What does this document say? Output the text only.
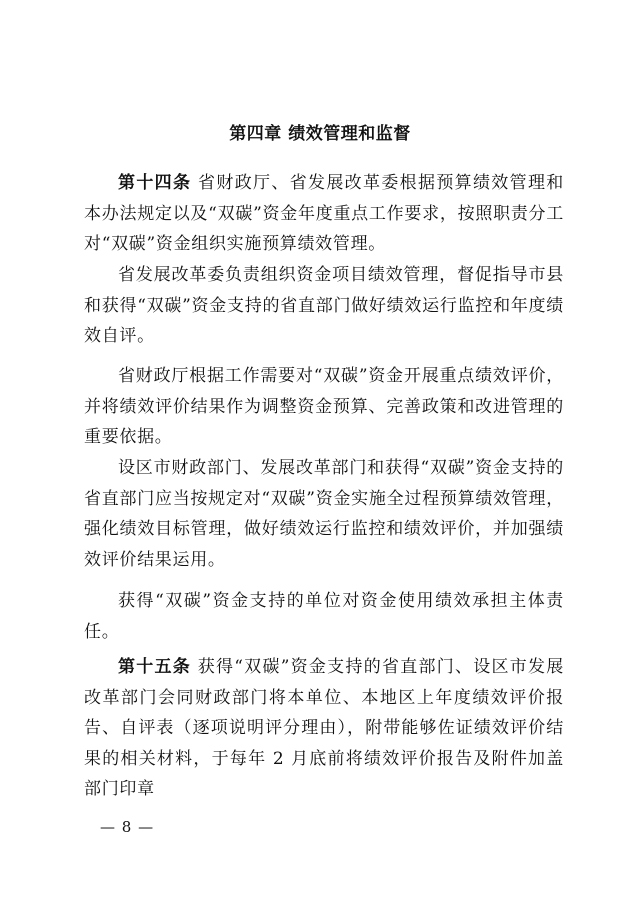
第四章 绩效管理和监督

第十四条 省财政厅、省发展改革委根据预算绩效管理和本办法规定以及“双碳”资金年度重点工作要求，按照职责分工对“双碳”资金组织实施预算绩效管理。

省发展改革委负责组织资金项目绩效管理，督促指导市县和获得“双碳”资金支持的省直部门做好绩效运行监控和年度绩效自评。

省财政厅根据工作需要对“双碳”资金开展重点绩效评价，并将绩效评价结果作为调整资金预算、完善政策和改进管理的重要依据。

设区市财政部门、发展改革部门和获得“双碳”资金支持的省直部门应当按规定对“双碳”资金实施全过程预算绩效管理，强化绩效目标管理，做好绩效运行监控和绩效评价，并加强绩效评价结果运用。

获得“双碳”资金支持的单位对资金使用绩效承担主体责任。

第十五条 获得“双碳”资金支持的省直部门、设区市发展改革部门会同财政部门将本单位、本地区上年度绩效评价报告、自评表（逐项说明评分理由），附带能够佐证绩效评价结果的相关材料，于每年 2 月底前将绩效评价报告及附件加盖部门印章

— 8 —
